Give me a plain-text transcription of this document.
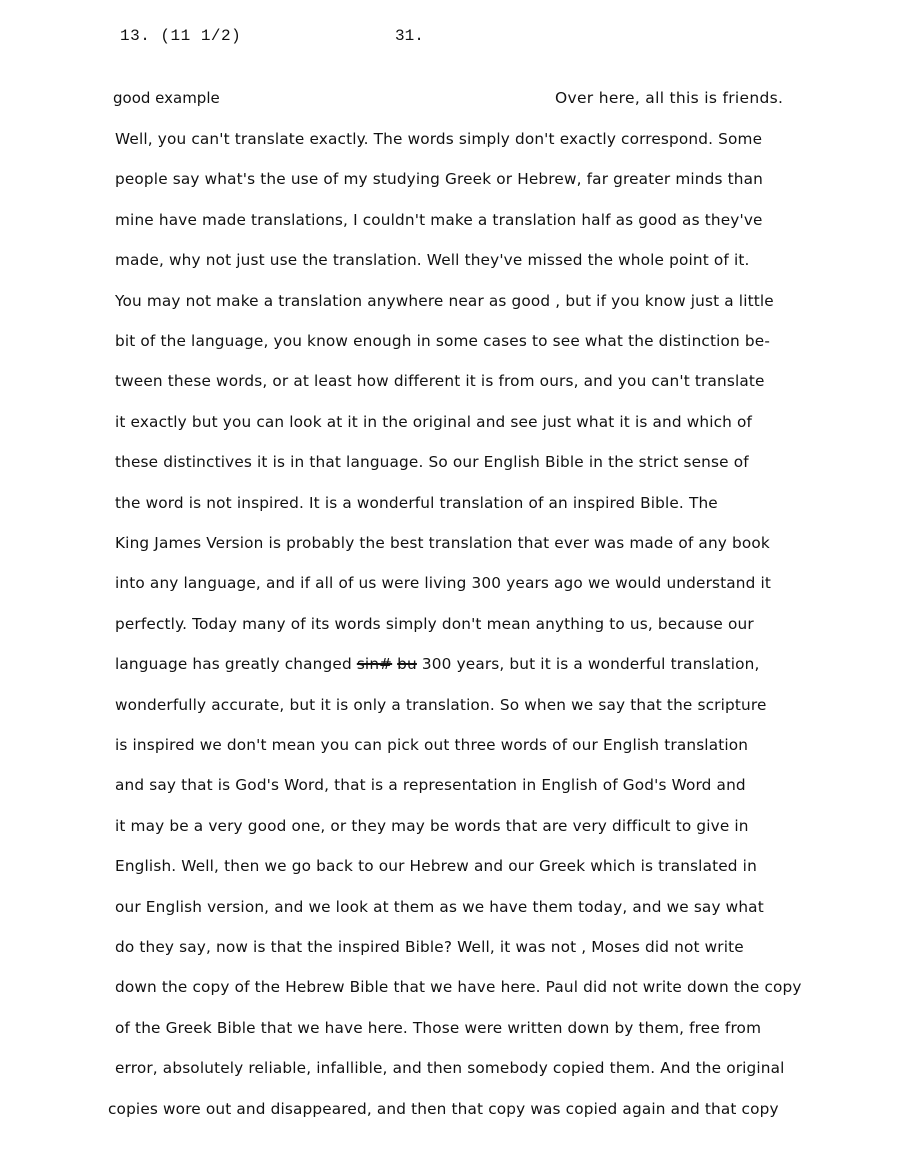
13. (11 1/2)	31.
good example	Over here, all this is friends.
Well, you can't translate exactly. The words simply don't exactly correspond. Some
people say what's the use of my studying Greek or Hebrew, far greater minds than
mine have made translations, I couldn't make a translation half as good as they've
made, why not just use the translation. Well they've missed the whole point of it.
You may not make a translation anywhere near as good , but if you know just a little
bit of the language, you know enough in some cases to see what the distinction be-
tween these words, or at least how different it is from ours, and you can't translate
it exactly but you can look at it in the original and see just what it is and which of
these distinctives it is in that language. So our English Bible in the strict sense of
the word is not inspired. It is a wonderful translation of an inspired Bible. The
King James Version is probably the best translation that ever was made of any book
into any language, and if all of us were living 300 years ago we would understand it
perfectly. Today many of its words simply don't mean anything to us, because our
language has greatly changed sin# bu 300 years, but it is a wonderful translation,
wonderfully accurate, but it is only a translation. So when we say that the scripture
is inspired we don't mean you can pick out three words of our English translation
and say that is God's Word, that is a representation in English of God's Word and
it may be a very good one, or they may be words that are very difficult to give in
English. Well, then we go back to our Hebrew and our Greek which is translated in
our English version, and we look at them as we have them today, and we say what
do they say, now is that the inspired Bible? Well, it was not , Moses did not write
down the copy of the Hebrew Bible that we have here. Paul did not write down the copy
of the Greek Bible that we have here. Those were written down by them, free from
error, absolutely reliable, infallible, and then somebody copied them. And the original
copies wore out and disappeared, and then that copy was copied again and that copy
